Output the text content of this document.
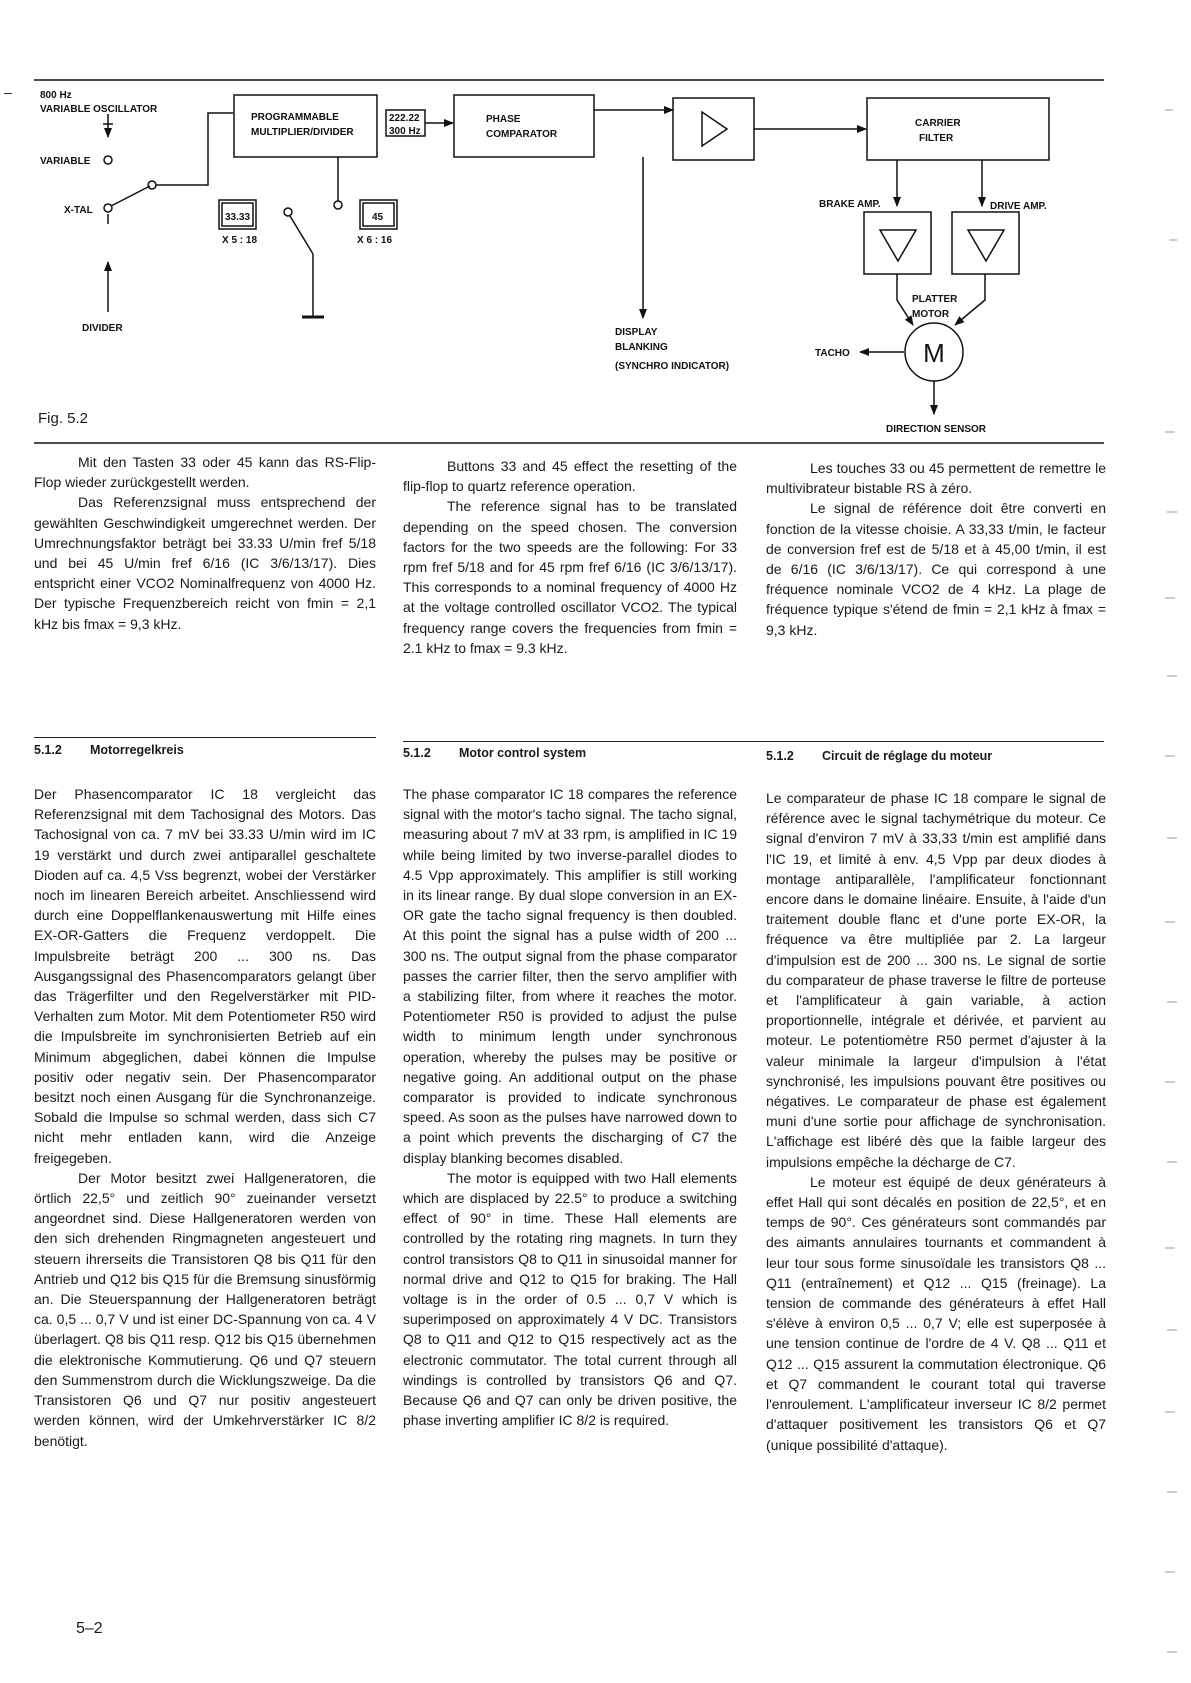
–	800 Hz
VARIABLE OSCILLATOR
VARIABLE
X-TAL
DIVIDER
PROGRAMMABLE
MULTIPLIER/DIVIDER
222.22
300 Hz
PHASE
COMPARATOR
CARRIER
FILTER
33.33
X 5 : 18
45
X 6 : 16
BRAKE AMP.	DRIVE AMP.
PLATTER
MOTOR
M
TACHO
DISPLAY
BLANKING
(SYNCHRO INDICATOR)
DIRECTION SENSOR
Fig. 5.2

Mit den Tasten 33 oder 45 kann das RS-Flip-Flop wieder zurückgestellt werden.

Das Referenzsignal muss entsprechend der gewählten Geschwindigkeit umgerechnet werden. Der Umrechnungsfaktor beträgt bei 33.33 U/min fref 5/18 und bei 45 U/min fref 6/16 (IC 3/6/13/17). Dies entspricht einer VCO2 Nominalfrequenz von 4000 Hz. Der typische Frequenzbereich reicht von fmin = 2,1 kHz bis fmax = 9,3 kHz.

Buttons 33 and 45 effect the resetting of the flip-flop to quartz reference operation.

The reference signal has to be translated depending on the speed chosen. The conversion factors for the two speeds are the following: For 33 rpm fref 5/18 and for 45 rpm fref 6/16 (IC 3/6/13/17). This corresponds to a nominal frequency of 4000 Hz at the voltage controlled oscillator VCO2. The typical frequency range covers the frequencies from fmin = 2.1 kHz to fmax = 9.3 kHz.

Les touches 33 ou 45 permettent de remettre le multivibrateur bistable RS à zéro.

Le signal de référence doit être converti en fonction de la vitesse choisie. A 33,33 t/min, le facteur de conversion fref est de 5/18 et à 45,00 t/min, il est de 6/16 (IC 3/6/13/17). Ce qui correspond à une fréquence nominale VCO2 de 4 kHz. La plage de fréquence typique s'étend de fmin = 2,1 kHz à fmax = 9,3 kHz.

5.1.2 Motorregelkreis	5.1.2 Motor control system	5.1.2 Circuit de réglage du moteur

Der Phasencomparator IC 18 vergleicht das Referenzsignal mit dem Tachosignal des Motors. Das Tachosignal von ca. 7 mV bei 33.33 U/min wird im IC 19 verstärkt und durch zwei antiparallel geschaltete Dioden auf ca. 4,5 Vss begrenzt, wobei der Verstärker noch im linearen Bereich arbeitet. Anschliessend wird durch eine Doppelflankenauswertung mit Hilfe eines EX-OR-Gatters die Frequenz verdoppelt. Die Impulsbreite beträgt 200 ... 300 ns. Das Ausgangssignal des Phasencomparators gelangt über das Trägerfilter und den Regelverstärker mit PID-Verhalten zum Motor. Mit dem Potentiometer R50 wird die Impulsbreite im synchronisierten Betrieb auf ein Minimum abgeglichen, dabei können die Impulse positiv oder negativ sein. Der Phasencomparator besitzt noch einen Ausgang für die Synchronanzeige. Sobald die Impulse so schmal werden, dass sich C7 nicht mehr entladen kann, wird die Anzeige freigegeben.

Der Motor besitzt zwei Hallgeneratoren, die örtlich 22,5° und zeitlich 90° zueinander versetzt angeordnet sind. Diese Hallgeneratoren werden von den sich drehenden Ringmagneten angesteuert und steuern ihrerseits die Transistoren Q8 bis Q11 für den Antrieb und Q12 bis Q15 für die Bremsung sinusförmig an. Die Steuerspannung der Hallgeneratoren beträgt ca. 0,5 ... 0,7 V und ist einer DC-Spannung von ca. 4 V überlagert. Q8 bis Q11 resp. Q12 bis Q15 übernehmen die elektronische Kommutierung. Q6 und Q7 steuern den Summenstrom durch die Wicklungszweige. Da die Transistoren Q6 und Q7 nur positiv angesteuert werden können, wird der Umkehrverstärker IC 8/2 benötigt.

The phase comparator IC 18 compares the reference signal with the motor's tacho signal. The tacho signal, measuring about 7 mV at 33 rpm, is amplified in IC 19 while being limited by two inverse-parallel diodes to 4.5 Vpp approximately. This amplifier is still working in its linear range. By dual slope conversion in an EX-OR gate the tacho signal frequency is then doubled. At this point the signal has a pulse width of 200 ... 300 ns. The output signal from the phase comparator passes the carrier filter, then the servo amplifier with a stabilizing filter, from where it reaches the motor. Potentiometer R50 is provided to adjust the pulse width to minimum length under synchronous operation, whereby the pulses may be positive or negative going. An additional output on the phase comparator is provided to indicate synchronous speed. As soon as the pulses have narrowed down to a point which prevents the discharging of C7 the display blanking becomes disabled.

The motor is equipped with two Hall elements which are displaced by 22.5° to produce a switching effect of 90° in time. These Hall elements are controlled by the rotating ring magnets. In turn they control transistors Q8 to Q11 in sinusoidal manner for normal drive and Q12 to Q15 for braking. The Hall voltage is in the order of 0.5 ... 0,7 V which is superimposed on approximately 4 V DC. Transistors Q8 to Q11 and Q12 to Q15 respectively act as the electronic commutator. The total current through all windings is controlled by transistors Q6 and Q7. Because Q6 and Q7 can only be driven positive, the phase inverting amplifier IC 8/2 is required.

Le comparateur de phase IC 18 compare le signal de référence avec le signal tachymétrique du moteur. Ce signal d'environ 7 mV à 33,33 t/min est amplifié dans l'IC 19, et limité à env. 4,5 Vpp par deux diodes à montage antiparallèle, l'amplificateur fonctionnant encore dans le domaine linéaire. Ensuite, à l'aide d'un traitement double flanc et d'une porte EX-OR, la fréquence va être multipliée par 2. La largeur d'impulsion est de 200 ... 300 ns. Le signal de sortie du comparateur de phase traverse le filtre de porteuse et l'amplificateur à gain variable, à action proportionnelle, intégrale et dérivée, et parvient au moteur. Le potentiomètre R50 permet d'ajuster à la valeur minimale la largeur d'impulsion à l'état synchronisé, les impulsions pouvant être positives ou négatives. Le comparateur de phase est également muni d'une sortie pour affichage de synchronisation. L'affichage est libéré dès que la faible largeur des impulsions empêche la décharge de C7.

Le moteur est équipé de deux générateurs à effet Hall qui sont décalés en position de 22,5°, et en temps de 90°. Ces générateurs sont commandés par des aimants annulaires tournants et commandent à leur tour sous forme sinusoïdale les transistors Q8 ... Q11 (entraînement) et Q12 ... Q15 (freinage). La tension de commande des générateurs à effet Hall s'élève à environ 0,5 ... 0,7 V; elle est superposée à une tension continue de l'ordre de 4 V. Q8 ... Q11 et Q12 ... Q15 assurent la commutation électronique. Q6 et Q7 commandent le courant total qui traverse l'enroulement. L'amplificateur inverseur IC 8/2 permet d'attaquer positivement les transistors Q6 et Q7 (unique possibilité d'attaque).

5–2
